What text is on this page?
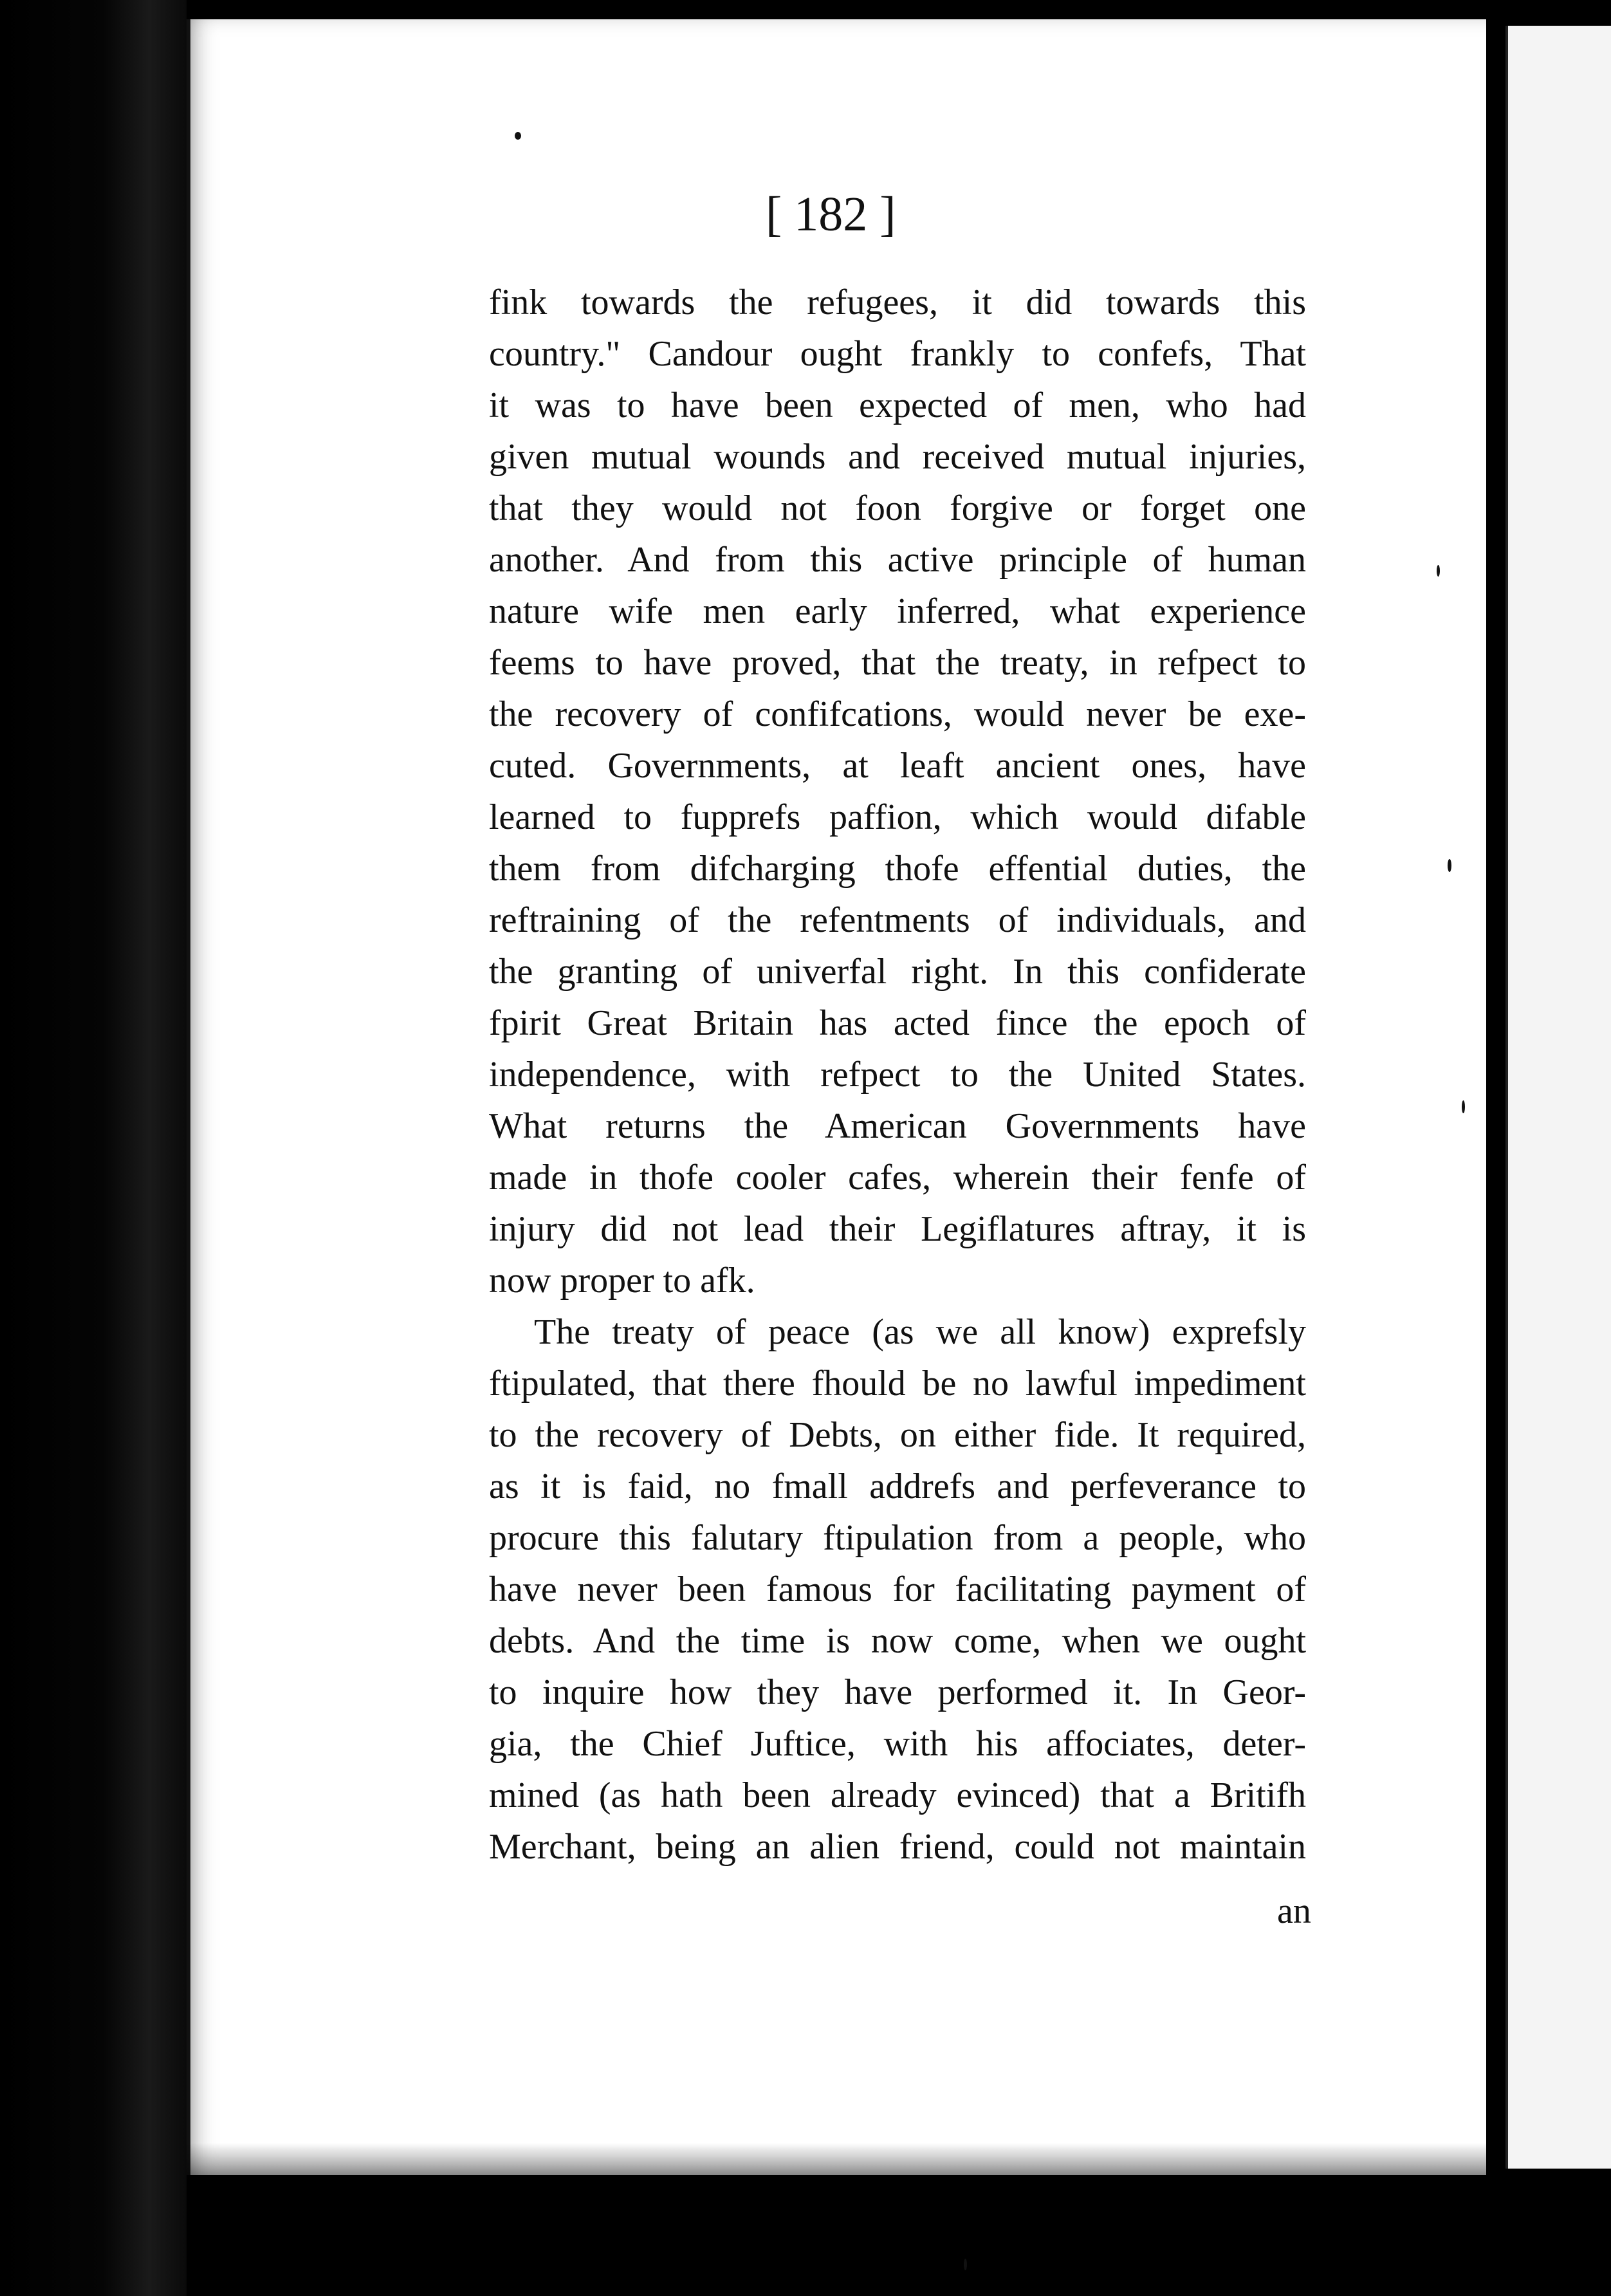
[ 182 ]
fink towards the refugees, it did towards this
country." Candour ought frankly to confefs, That
it was to have been expected of men, who had
given mutual wounds and received mutual injuries,
that they would not foon forgive or forget one
another. And from this active principle of human
nature wife men early inferred, what experience
feems to have proved, that the treaty, in refpect to
the recovery of confifcations, would never be exe-
cuted. Governments, at leaft ancient ones, have
learned to fupprefs paffion, which would difable
them from difcharging thofe effential duties, the
reftraining of the refentments of individuals, and
the granting of univerfal right. In this confiderate
fpirit Great Britain has acted fince the epoch of
independence, with refpect to the United States.
What returns the American Governments have
made in thofe cooler cafes, wherein their fenfe of
injury did not lead their Legiflatures aftray, it is
now proper to afk.
The treaty of peace (as we all know) exprefsly
ftipulated, that there fhould be no lawful impediment
to the recovery of Debts, on either fide. It required,
as it is faid, no fmall addrefs and perfeverance to
procure this falutary ftipulation from a people, who
have never been famous for facilitating payment of
debts. And the time is now come, when we ought
to inquire how they have performed it. In Geor-
gia, the Chief Juftice, with his affociates, deter-
mined (as hath been already evinced) that a Britifh
Merchant, being an alien friend, could not maintain
an
